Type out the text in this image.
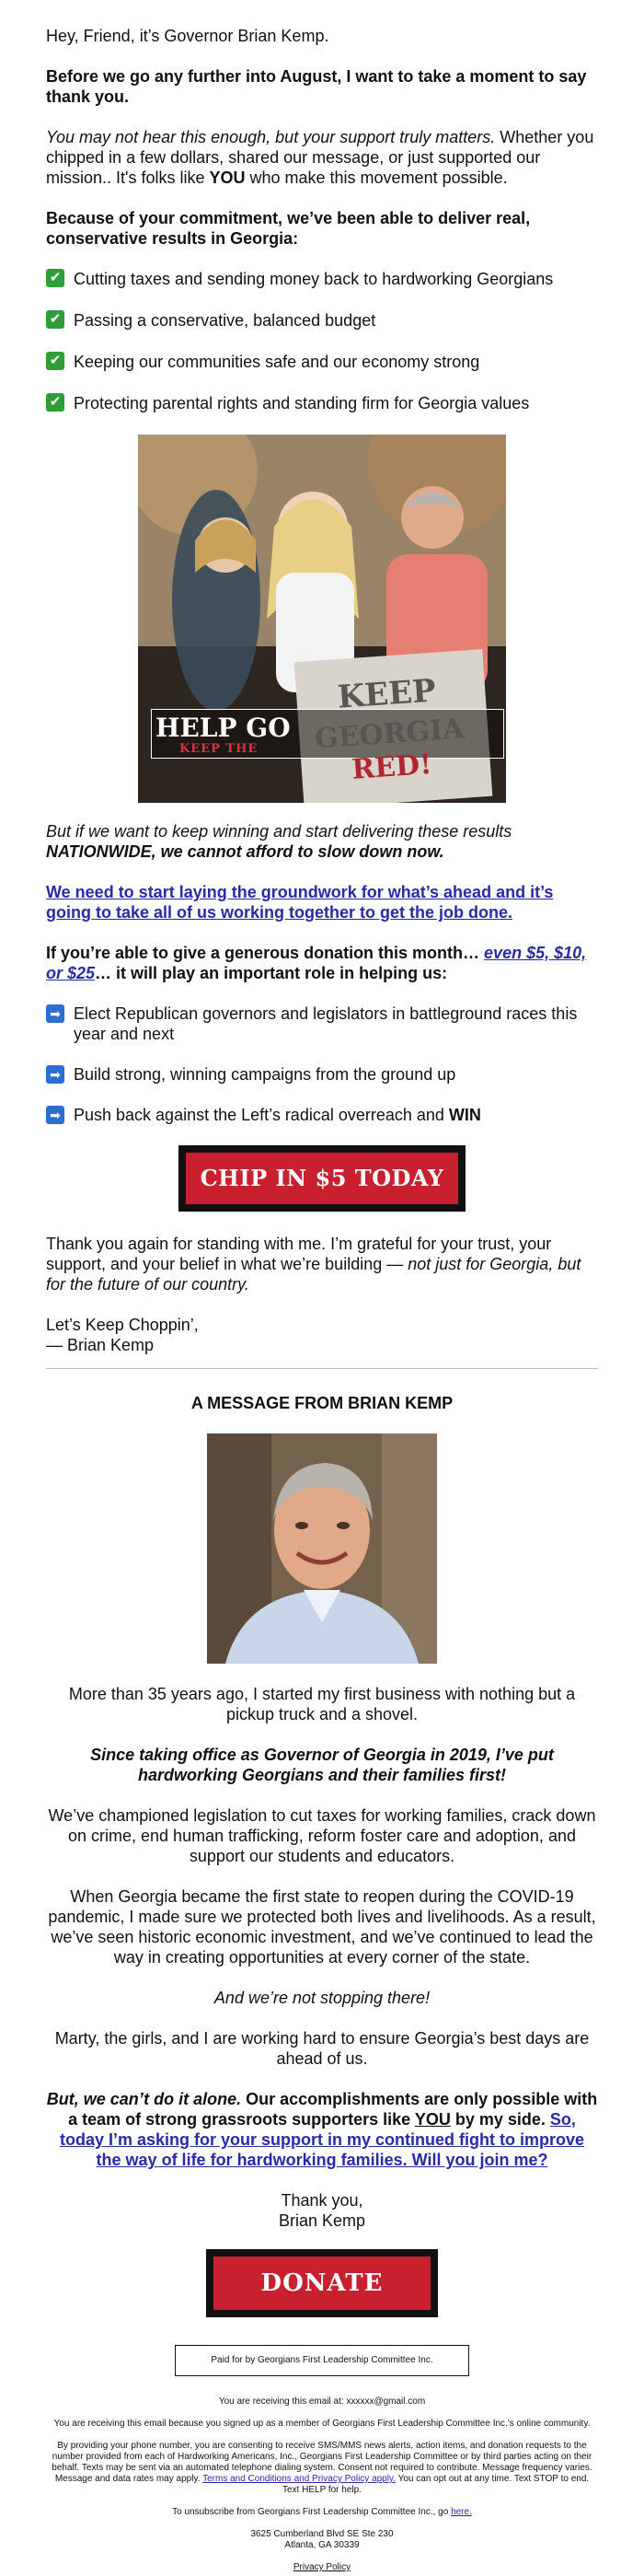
Hey, Friend, it’s Governor Brian Kemp.

Before we go any further into August, I want to take a moment to say thank you.

You may not hear this enough, but your support truly matters. Whether you chipped in a few dollars, shared our message, or just supported our mission.. It's folks like YOU who make this movement possible.

Because of your commitment, we’ve been able to deliver real, conservative results in Georgia:

✔ Cutting taxes and sending money back to hardworking Georgians
✔ Passing a conservative, balanced budget
✔ Keeping our communities safe and our economy strong
✔ Protecting parental rights and standing firm for Georgia values
HELP GO
KEEP THE
KEEP
GEORGIA
RED!

But if we want to keep winning and start delivering these results NATIONWIDE, we cannot afford to slow down now.

We need to start laying the groundwork for what’s ahead and it’s going to take all of us working together to get the job done.

If you’re able to give a generous donation this month… even $5, $10, or $25… it will play an important role in helping us:

➡ Elect Republican governors and legislators in battleground races this year and next
➡ Build strong, winning campaigns from the ground up
➡ Push back against the Left’s radical overreach and WIN
CHIP IN $5 TODAY

Thank you again for standing with me. I’m grateful for your trust, your support, and your belief in what we’re building — not just for Georgia, but for the future of our country.

Let’s Keep Choppin’,
— Brian Kemp
A MESSAGE FROM BRIAN KEMP

More than 35 years ago, I started my first business with nothing but a pickup truck and a shovel.

Since taking office as Governor of Georgia in 2019, I’ve put hardworking Georgians and their families first!

We’ve championed legislation to cut taxes for working families, crack down on crime, end human trafficking, reform foster care and adoption, and support our students and educators.

When Georgia became the first state to reopen during the COVID-19 pandemic, I made sure we protected both lives and livelihoods. As a result, we’ve seen historic economic investment, and we’ve continued to lead the way in creating opportunities at every corner of the state.

And we’re not stopping there!

Marty, the girls, and I are working hard to ensure Georgia’s best days are ahead of us.

But, we can’t do it alone. Our accomplishments are only possible with a team of strong grassroots supporters like YOU by my side. So, today I’m asking for your support in my continued fight to improve the way of life for hardworking families. Will you join me?

Thank you,
Brian Kemp
DONATE
Paid for by Georgians First Leadership Committee Inc.

You are receiving this email at: xxxxxx@gmail.com

You are receiving this email because you signed up as a member of Georgians First Leadership Committee Inc.'s online community.

By providing your phone number, you are consenting to receive SMS/MMS news alerts, action items, and donation requests to the number provided from each of Hardworking Americans, Inc., Georgians First Leadership Committee or by third parties acting on their behalf. Texts may be sent via an automated telephone dialing system. Consent not required to contribute. Message frequency varies. Message and data rates may apply. Terms and Conditions and Privacy Policy apply. You can opt out at any time. Text STOP to end. Text HELP for help.

To unsubscribe from Georgians First Leadership Committee Inc., go here.

3625 Cumberland Blvd SE Ste 230
Atlanta, GA 30339

Privacy Policy
